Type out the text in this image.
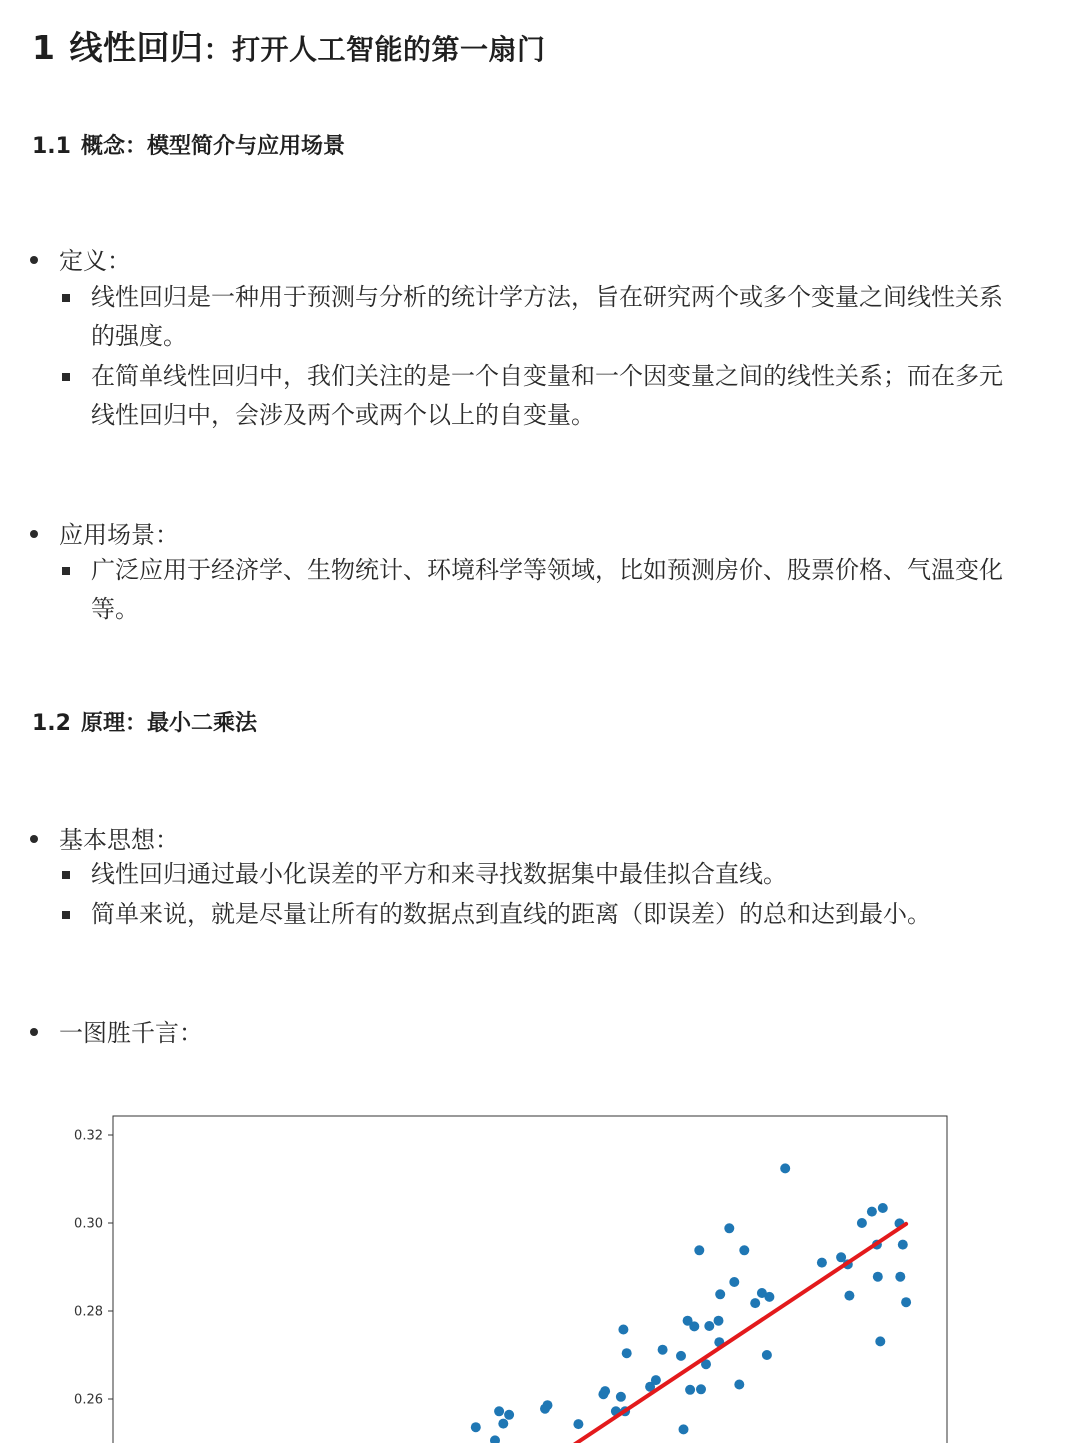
1 线性回归：打开人工智能的第一扇门
1.1 概念：模型简介与应用场景
定义：
线性回归是一种用于预测与分析的统计学方法，旨在研究两个或多个变量之间线性关系的强度。
在简单线性回归中，我们关注的是一个自变量和一个因变量之间的线性关系；而在多元线性回归中，会涉及两个或两个以上的自变量。
应用场景：
广泛应用于经济学、生物统计、环境科学等领域，比如预测房价、股票价格、气温变化等。
1.2 原理：最小二乘法
基本思想：
线性回归通过最小化误差的平方和来寻找数据集中最佳拟合直线。
简单来说，就是尽量让所有的数据点到直线的距离（即误差）的总和达到最小。
一图胜千言：
0.32
0.30
0.28
0.26
